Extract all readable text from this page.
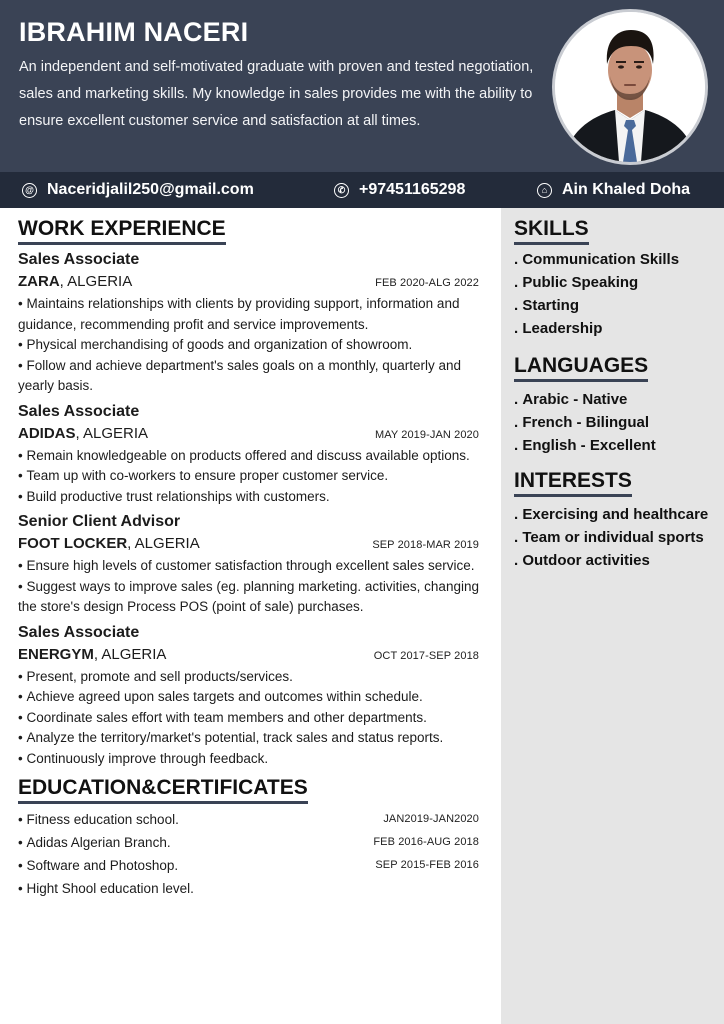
IBRAHIM NACERI

An independent and self-motivated graduate with proven and tested negotiation, sales and marketing skills. My knowledge in sales provides me with the ability to ensure excellent customer service and satisfaction at all times.

@ Naceridjalil250@gmail.com	✆ +97451165298	⌂ Ain Khaled Doha
SKILLS
. Communication Skills
. Public Speaking
. Starting
. Leadership
LANGUAGES
. Arabic - Native
. French - Bilingual
. English - Excellent
INTERESTS
. Exercising and healthcare
. Team or individual sports
. Outdoor activities
WORK EXPERIENCE

Sales Associate

ZARA, ALGERIA	FEB 2020-ALG 2022
• Maintains relationships with clients by providing support, information and guidance, recommending profit and service improvements.
• Physical merchandising of goods and organization of showroom.
• Follow and achieve department's sales goals on a monthly, quarterly and yearly basis.

Sales Associate

ADIDAS, ALGERIA	MAY 2019-JAN 2020
• Remain knowledgeable on products offered and discuss available options.
• Team up with co-workers to ensure proper customer service.
• Build productive trust relationships with customers.

Senior Client Advisor

FOOT LOCKER, ALGERIA	SEP 2018-MAR 2019
• Ensure high levels of customer satisfaction through excellent sales service.
• Suggest ways to improve sales (eg. planning marketing. activities, changing the store's design Process POS (point of sale) purchases.

Sales Associate

ENERGYM, ALGERIA	OCT 2017-SEP 2018
• Present, promote and sell products/services.
• Achieve agreed upon sales targets and outcomes within schedule.
• Coordinate sales effort with team members and other departments.
• Analyze the territory/market's potential, track sales and status reports.
• Continuously improve through feedback.
EDUCATION&CERTIFICATES
• Fitness education school.	JAN2019-JAN2020
• Adidas Algerian Branch.	FEB 2016-AUG 2018
• Software and Photoshop.	SEP 2015-FEB 2016
• Hight Shool education level.
